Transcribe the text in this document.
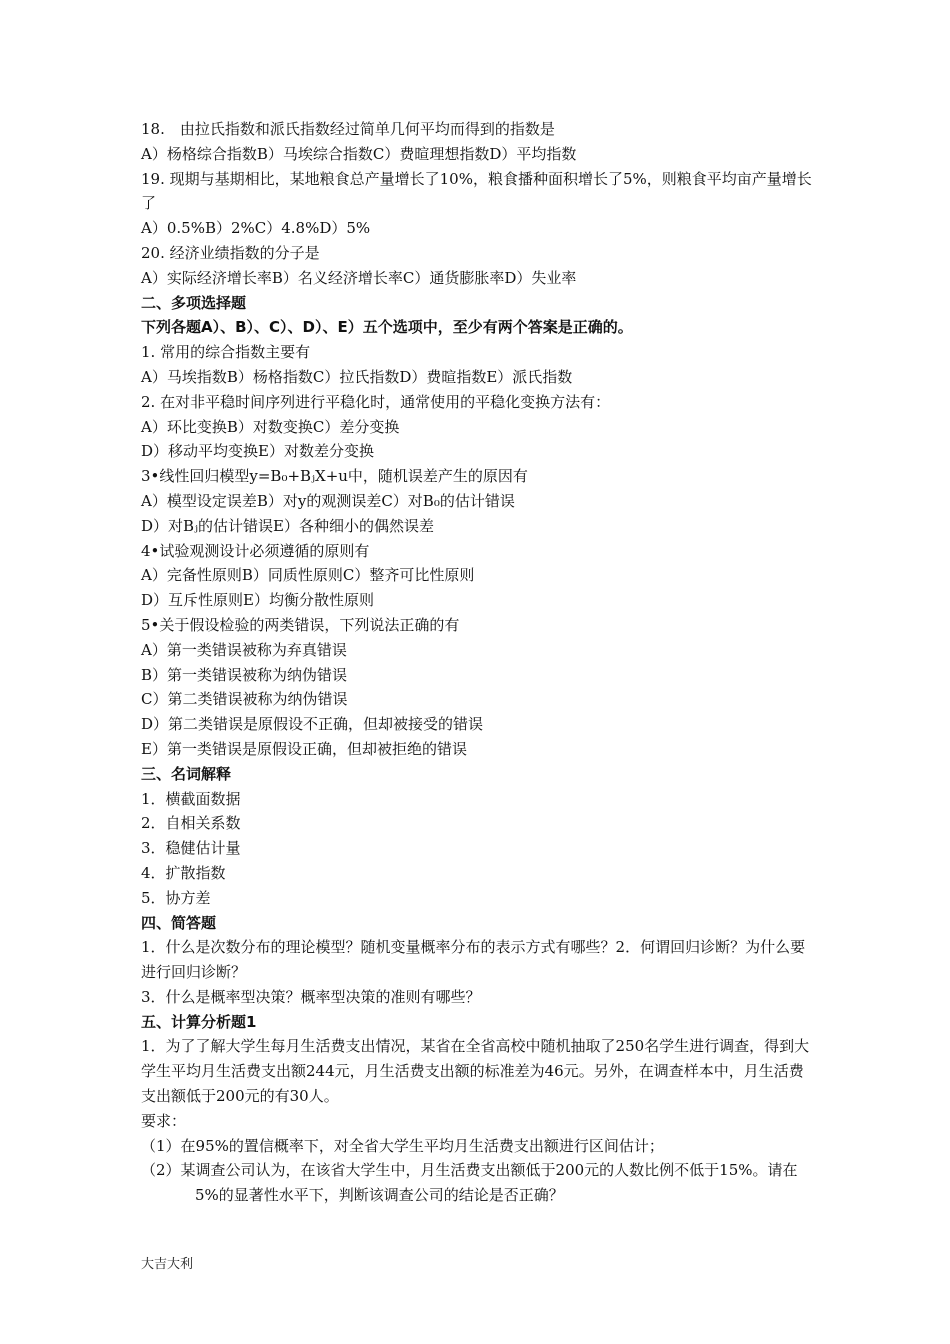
18.　由拉氏指数和派氏指数经过简单几何平均而得到的指数是
A）杨格综合指数B）马埃综合指数C）费暄理想指数D）平均指数
19. 现期与基期相比，某地粮食总产量增长了10%，粮食播种面积增长了5%，则粮食平均亩产量增长了
A）0.5%B）2%C）4.8%D）5%
20. 经济业绩指数的分子是
A）实际经济增长率B）名义经济增长率C）通货膨胀率D）失业率
二、多项选择题
下列各题A）、B）、C）、D）、E）五个选项中，至少有两个答案是正确的。
1. 常用的综合指数主要有
A）马埃指数B）杨格指数C）拉氏指数D）费暄指数E）派氏指数
2. 在对非平稳时间序列进行平稳化时，通常使用的平稳化变换方法有：
A）环比变换B）对数变换C）差分变换
D）移动平均变换E）对数差分变换
3•线性回归模型y=B₀+BⱼX+u中，随机误差产生的原因有
A）模型设定误差B）对y的观测误差C）对B₀的估计错误
D）对Bⱼ的估计错误E）各种细小的偶然误差
4•试验观测设计必须遵循的原则有
A）完备性原则B）同质性原则C）整齐可比性原则
D）互斥性原则E）均衡分散性原则
5•关于假设检验的两类错误，下列说法正确的有
A）第一类错误被称为弃真错误
B）第一类错误被称为纳伪错误
C）第二类错误被称为纳伪错误
D）第二类错误是原假设不正确，但却被接受的错误
E）第一类错误是原假设正确，但却被拒绝的错误
三、名词解释
1．横截面数据
2．自相关系数
3．稳健估计量
4．扩散指数
5．协方差
四、简答题
1．什么是次数分布的理论模型？随机变量概率分布的表示方式有哪些？2．何谓回归诊断？为什么要进行回归诊断？
3．什么是概率型决策？概率型决策的准则有哪些？
五、计算分析题1
1．为了了解大学生每月生活费支出情况，某省在全省高校中随机抽取了250名学生进行调查，得到大学生平均月生活费支出额244元，月生活费支出额的标准差为46元。另外，在调查样本中，月生活费支出额低于200元的有30人。
要求：
（1）在95%的置信概率下，对全省大学生平均月生活费支出额进行区间估计；
（2）某调查公司认为，在该省大学生中，月生活费支出额低于200元的人数比例不低于15%。请在5%的显著性水平下，判断该调查公司的结论是否正确？
大吉大利
